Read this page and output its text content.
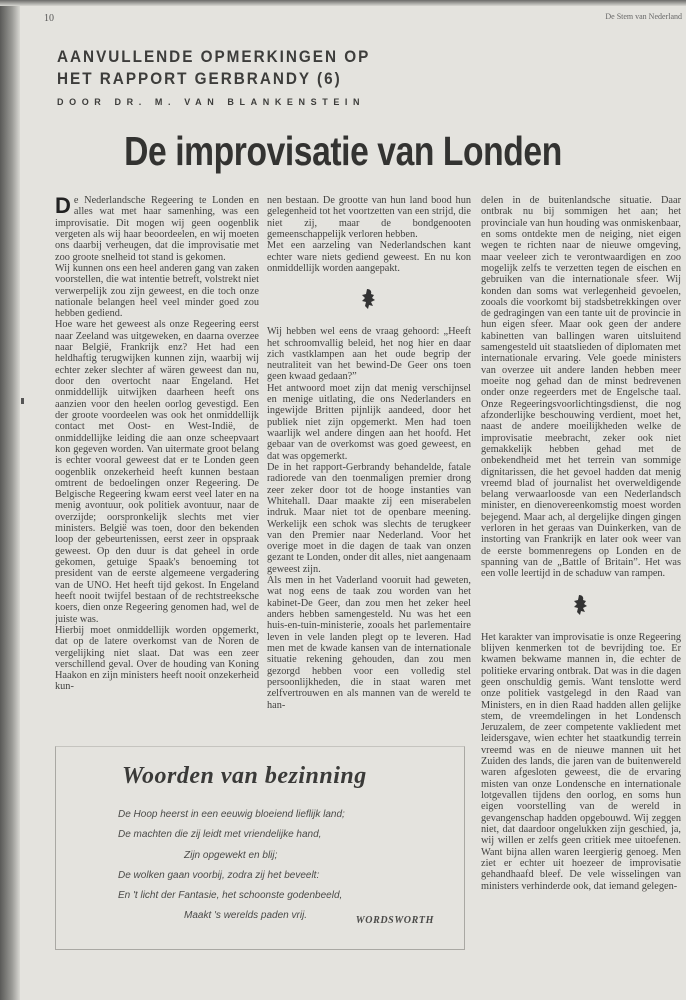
10	De Stem van Nederland
AANVULLENDE OPMERKINGEN OP
HET RAPPORT GERBRANDY (6)
DOOR DR. M. VAN BLANKENSTEIN
De improvisatie van Londen

De Nederlandsche Regeering te Londen en alles wat met haar samenhing, was een improvisatie. Dit mogen wij geen oogenblik vergeten als wij haar beoordeelen, en wij moeten ons daarbij verheugen, dat die improvisatie met zoo groote snelheid tot stand is gekomen.

Wij kunnen ons een heel anderen gang van zaken voorstellen, die wat intentie betreft, volstrekt niet verwerpelijk zou zijn geweest, en die toch onze nationale belangen heel veel minder goed zou hebben gediend.

Hoe ware het geweest als onze Regeering eerst naar Zeeland was uitgeweken, en daarna overzee naar België, Frankrijk enz? Het had een heldhaftig terugwijken kunnen zijn, waarbij wij echter zeker slechter af wären geweest dan nu, door den overtocht naar Engeland. Het onmiddellijk uitwijken daarheen heeft ons aanzien voor den heelen oorlog gevestigd. Een der groote voordeelen was ook het onmiddellijk contact met Oost- en West-Indië, de onmiddellijke leiding die aan onze scheepvaart kon gegeven worden. Van uitermate groot belang is echter vooral geweest dat er te Londen geen oogenblik onzekerheid heeft kunnen bestaan omtrent de bedoelingen onzer Regeering. De Belgische Regeering kwam eerst veel later en na menig avontuur, ook politiek avontuur, naar de overzijde; oorspronkelijk slechts met vier ministers. België was toen, door den bekenden loop der gebeurtenissen, eerst zeer in opspraak geweest. Op den duur is dat geheel in orde gekomen, getuige Spaak's benoeming tot president van de eerste algemeene vergadering van de UNO. Het heeft tijd gekost. In Engeland heeft nooit twijfel bestaan of de rechtstreeksche koers, dien onze Regeering genomen had, wel de juiste was.

Hierbij moet onmiddellijk worden opgemerkt, dat op de latere overkomst van de Noren de vergelijking niet slaat. Dat was een zeer verschillend geval. Over de houding van Koning Haakon en zijn ministers heeft nooit onzekerheid kun-

nen bestaan. De grootte van hun land bood hun gelegenheid tot het voortzetten van een strijd, die niet zij, maar de bondgenooten gemeenschappelijk verloren hebben.

Met een aarzeling van Nederlandschen kant echter ware niets gediend geweest. En nu kon onmiddellijk worden aangepakt.

Wij hebben wel eens de vraag gehoord: „Heeft het schroomvallig beleid, het nog hier en daar zich vastklampen aan het oude begrip der neutraliteit van het bewind-De Geer ons toen geen kwaad gedaan?”

Het antwoord moet zijn dat menig verschijnsel en menige uitlating, die ons Nederlanders en ingewijde Britten pijnlijk aandeed, door het publiek niet zijn opgemerkt. Men had toen waarlijk wel andere dingen aan het hoofd. Het gebaar van de overkomst was goed geweest, en dat was opgemerkt.

De in het rapport-Gerbrandy behandelde, fatale radiorede van den toenmaligen premier drong zeer zeker door tot de hooge instanties van Whitehall. Daar maakte zij een miserabelen indruk. Maar niet tot de openbare meening. Werkelijk een schok was slechts de terugkeer van den Premier naar Nederland. Voor het overige moet in die dagen de taak van onzen gezant te Londen, onder dit alles, niet aangenaam geweest zijn.

Als men in het Vaderland vooruit had geweten, wat nog eens de taak zou worden van het kabinet-De Geer, dan zou men het zeker heel anders hebben samengesteld. Nu was het een huis-en-tuin-ministerie, zooals het parlementaire leven in vele landen plegt op te leveren. Had men met de kwade kansen van de internationale situatie rekening gehouden, dan zou men gezorgd hebben voor een volledig stel persoonlijkheden, die in staat waren met zelfvertrouwen en als mannen van de wereld te han-

delen in de buitenlandsche situatie. Daar ontbrak nu bij sommigen het aan; het provinciale van hun houding was onmiskenbaar, en soms ontdekte men de neiging, niet eigen wegen te richten naar de nieuwe omgeving, maar veeleer zich te verontwaardigen en zoo mogelijk zelfs te verzetten tegen de eischen en gebruiken van die internationale sfeer. Wij konden dan soms wat verlegenheid gevoelen, zooals die voorkomt bij stadsbetrekkingen over de gedragingen van een tante uit de provincie in hun eigen sfeer. Maar ook geen der andere kabinetten van ballingen waren uitsluitend samengesteld uit staatslieden of diplomaten met internationale ervaring. Vele goede ministers van overzee uit andere landen hebben meer moeite nog gehad dan de minst bedrevenen onder onze regeerders met de Engelsche taal. Onze Regeeringsvoorlichtingsdienst, die nog afzonderlijke beschouwing verdient, moet het, naast de andere moeilijkheden welke de improvisatie meebracht, zeker ook niet gemakkelijk hebben gehad met de onbekendheid met het terrein van sommige dignitarissen, die het gevoel hadden dat menig vreemd blad of journalist het overweldigende belang verwaarloosde van een Nederlandsch minister, en dienovereenkomstig moest worden bejegend. Maar ach, al dergelijke dingen gingen verloren in het geraas van Duinkerken, van de instorting van Frankrijk en later ook weer van de eerste bommenregens op Londen en de spanning van de „Battle of Britain”. Het was een volle leertijd in de schaduw van rampen.

Het karakter van improvisatie is onze Regeering blijven kenmerken tot de bevrijding toe. Er kwamen bekwame mannen in, die echter de politieke ervaring ontbrak. Dat was in die dagen geen onschuldig gemis. Want tenslotte werd onze politiek vastgelegd in den Raad van Ministers, en in dien Raad hadden allen gelijke stem, de vreemdelingen in het Londensch Jeruzalem, de zeer competente vakliedent met leidersgave, wien echter het staatkundig terrein vreemd was en de nieuwe mannen uit het Zuiden des lands, die jaren van de buitenwereld waren afgesloten geweest, die de ervaring misten van onze Londensche en internationale lotgevallen tijdens den oorlog, en soms hun eigen voorstelling van de wereld in gevangenschap hadden opgebouwd. Wij zeggen niet, dat daardoor ongelukken zijn geschied, ja, wij willen er zelfs geen critiek mee uitoefenen. Want bijna allen waren leergierig genoeg. Men ziet er echter uit hoezeer de improvisatie gehandhaafd bleef. De vele wisselingen van ministers verhinderde ook, dat iemand gelegen-

Woorden van bezinning
De Hoop heerst in een eeuwig bloeiend lieflijk land;
De machten die zij leidt met vriendelijke hand,
Zijn opgewekt en blij;
De wolken gaan voorbij, zodra zij het beveelt:
En 't licht der Fantasie, het schoonste godenbeeld,
Maakt 's werelds paden vrij.	WORDSWORTH
